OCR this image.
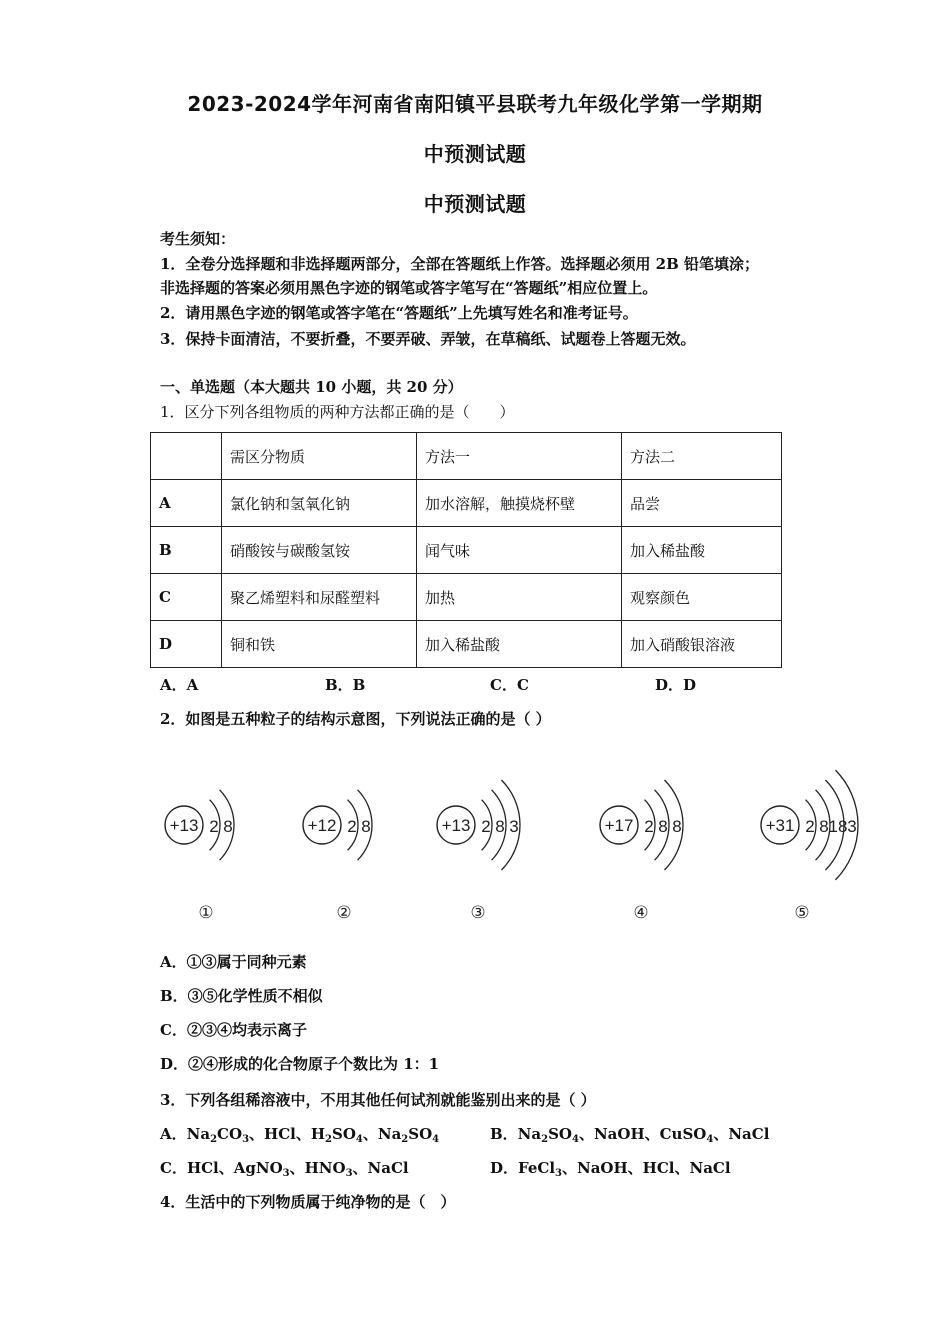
2023-2024学年河南省南阳镇平县联考九年级化学第一学期期
中预测试题
中预测试题
考生须知：
1．全卷分选择题和非选择题两部分，全部在答题纸上作答。选择题必须用 2B 铅笔填涂；
非选择题的答案必须用黑色字迹的钢笔或答字笔写在“答题纸”相应位置上。
2．请用黑色字迹的钢笔或答字笔在“答题纸”上先填写姓名和准考证号。
3．保持卡面清洁，不要折叠，不要弄破、弄皱，在草稿纸、试题卷上答题无效。
一、单选题（本大题共 10 小题，共 20 分）
1．区分下列各组物质的两种方法都正确的是（　　）
	需区分物质	方法一	方法二
A	氯化钠和氢氧化钠	加水溶解，触摸烧杯壁	品尝
B	硝酸铵与碳酸氢铵	闻气味	加入稀盐酸
C	聚乙烯塑料和尿醛塑料	加热	观察颜色
D	铜和铁	加入稀盐酸	加入硝酸银溶液
A．A	B．B	C．C	D．D
2．如图是五种粒子的结构示意图，下列说法正确的是（ ）
+13 2 8
①
+12 2 8
②
+13 2 8 3
③
+17 2 8 8
④
+31 2 8 18 3
⑤
A．①③属于同种元素
B．③⑤化学性质不相似
C．②③④均表示离子
D．②④形成的化合物原子个数比为 1：1
3．下列各组稀溶液中，不用其他任何试剂就能鉴别出来的是（ ）
A．$Na_2CO_3$、HCl、$H_2SO_4$、$Na_2SO_4$	B．$Na_2SO_4$、NaOH、CuSO$_4$、NaCl
C．HCl、AgNO$_3$、$HNO_3$、NaCl	D．FeCl$_3$、NaOH、HCl、NaCl
4．生活中的下列物质属于纯净物的是（　）
